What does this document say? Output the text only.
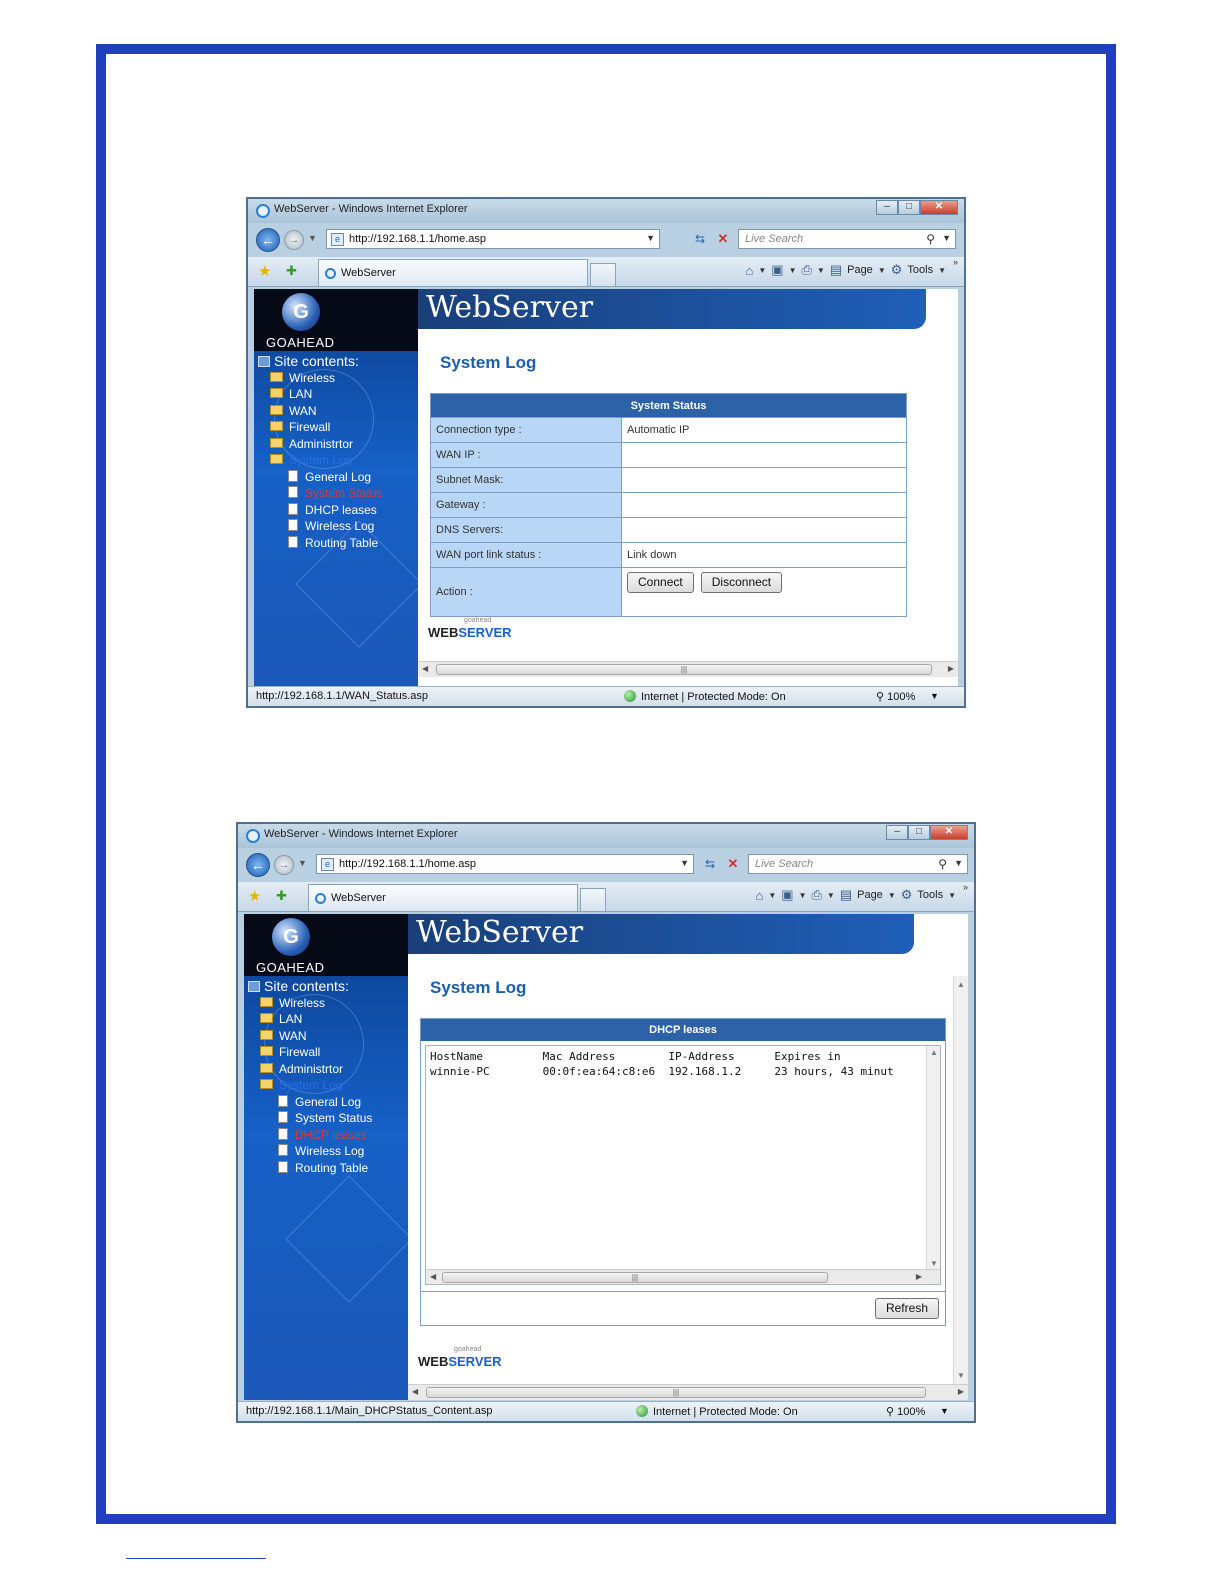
WebServer - Windows Internet Explorer	–	□	✕
←	→ ▼	e http://192.168.1.1/home.asp	▼	⇆ ✕	Live Search	⚲ ▼
★ ✚	WebServer
»
⌂ ▼ ▣ ▼ ⎙ ▼ ▤ Page ▼ ⚙ Tools ▼
G
GOAHEAD
Site contents:
Wireless
LAN
WAN
Firewall
Administrtor
System Log
General Log
System Status
DHCP leases
Wireless Log
Routing Table
WebServer
System Log
System Status	
Connection type :	Automatic IP
WAN IP :	
Subnet Mask:	
Gateway :	
DNS Servers:	
WAN port link status :	Link down
Action :	Connect Disconnect
goahead
WEBSERVER
◀	|||	▶
http://192.168.1.1/WAN_Status.asp	Internet | Protected Mode: On	⚲ 100% ▼
WebServer - Windows Internet Explorer	–	□	✕
←	→ ▼	e http://192.168.1.1/home.asp	▼	⇆ ✕	Live Search	⚲ ▼
★ ✚	WebServer
»
⌂ ▼ ▣ ▼ ⎙ ▼ ▤ Page ▼ ⚙ Tools ▼
G
GOAHEAD
Site contents:
Wireless
LAN
WAN
Firewall
Administrtor
System Log
General Log
System Status
DHCP leases
Wireless Log
Routing Table
WebServer
System Log
DHCP leases
HostName         Mac Address        IP-Address      Expires in
winnie-PC        00:0f:ea:64:c8:e6  192.168.1.2     23 hours, 43 minut
▲
▼
◀	|||	▶
Refresh
goahead
WEBSERVER
▲
▼
◀	|||	▶
http://192.168.1.1/Main_DHCPStatus_Content.asp	Internet | Protected Mode: On	⚲ 100% ▼
